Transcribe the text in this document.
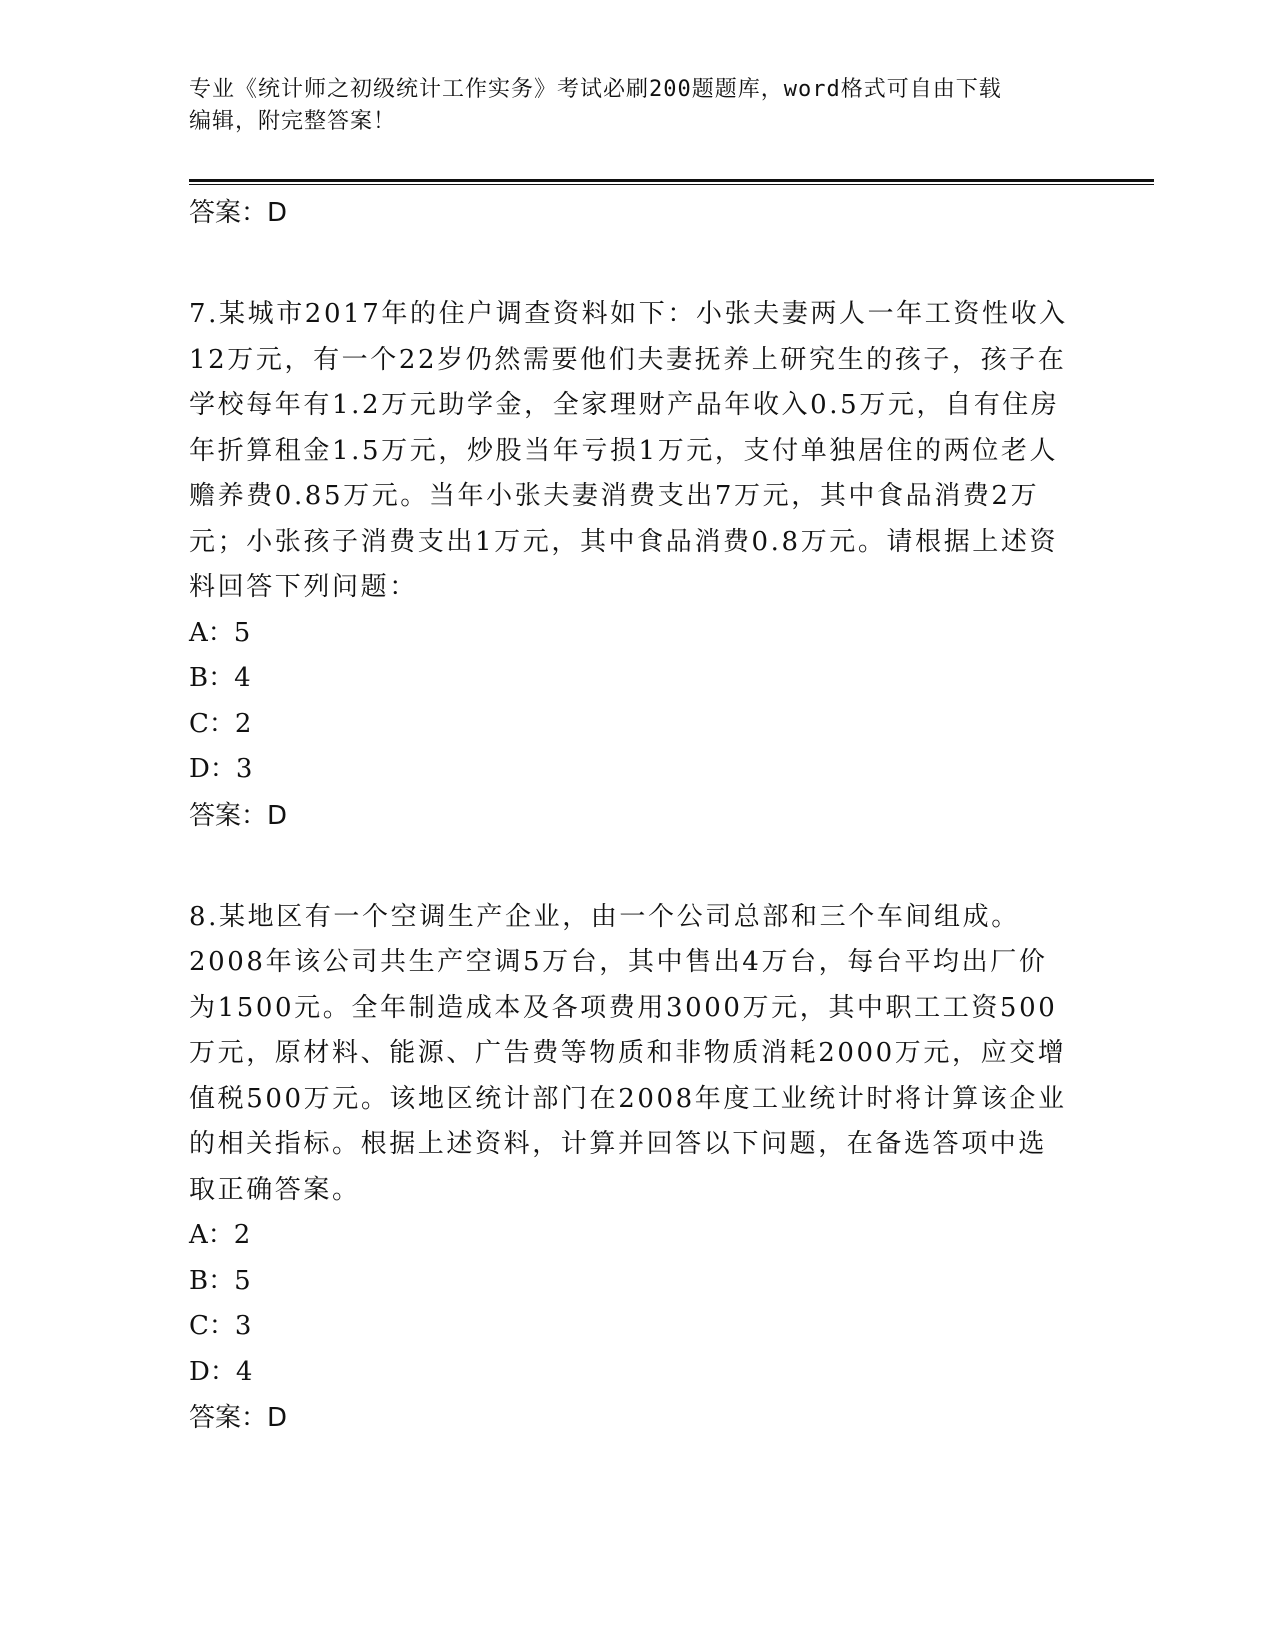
专业《统计师之初级统计工作实务》考试必刷200题题库，word格式可自由下载
编辑，附完整答案！
答案：D
7.某城市2017年的住户调查资料如下：小张夫妻两人一年工资性收入12万元，有一个22岁仍然需要他们夫妻抚养上研究生的孩子，孩子在学校每年有1.2万元助学金，全家理财产品年收入0.5万元，自有住房年折算租金1.5万元，炒股当年亏损1万元，支付单独居住的两位老人赡养费0.85万元。当年小张夫妻消费支出7万元，其中食品消费2万元；小张孩子消费支出1万元，其中食品消费0.8万元。请根据上述资料回答下列问题：
A：5
B：4
C：2
D：3
答案：D
8.某地区有一个空调生产企业，由一个公司总部和三个车间组成。2008年该公司共生产空调5万台，其中售出4万台，每台平均出厂价为1500元。全年制造成本及各项费用3000万元，其中职工工资500万元，原材料、能源、广告费等物质和非物质消耗2000万元，应交增值税500万元。该地区统计部门在2008年度工业统计时将计算该企业的相关指标。根据上述资料，计算并回答以下问题，在备选答项中选取正确答案。
A：2
B：5
C：3
D：4
答案：D
